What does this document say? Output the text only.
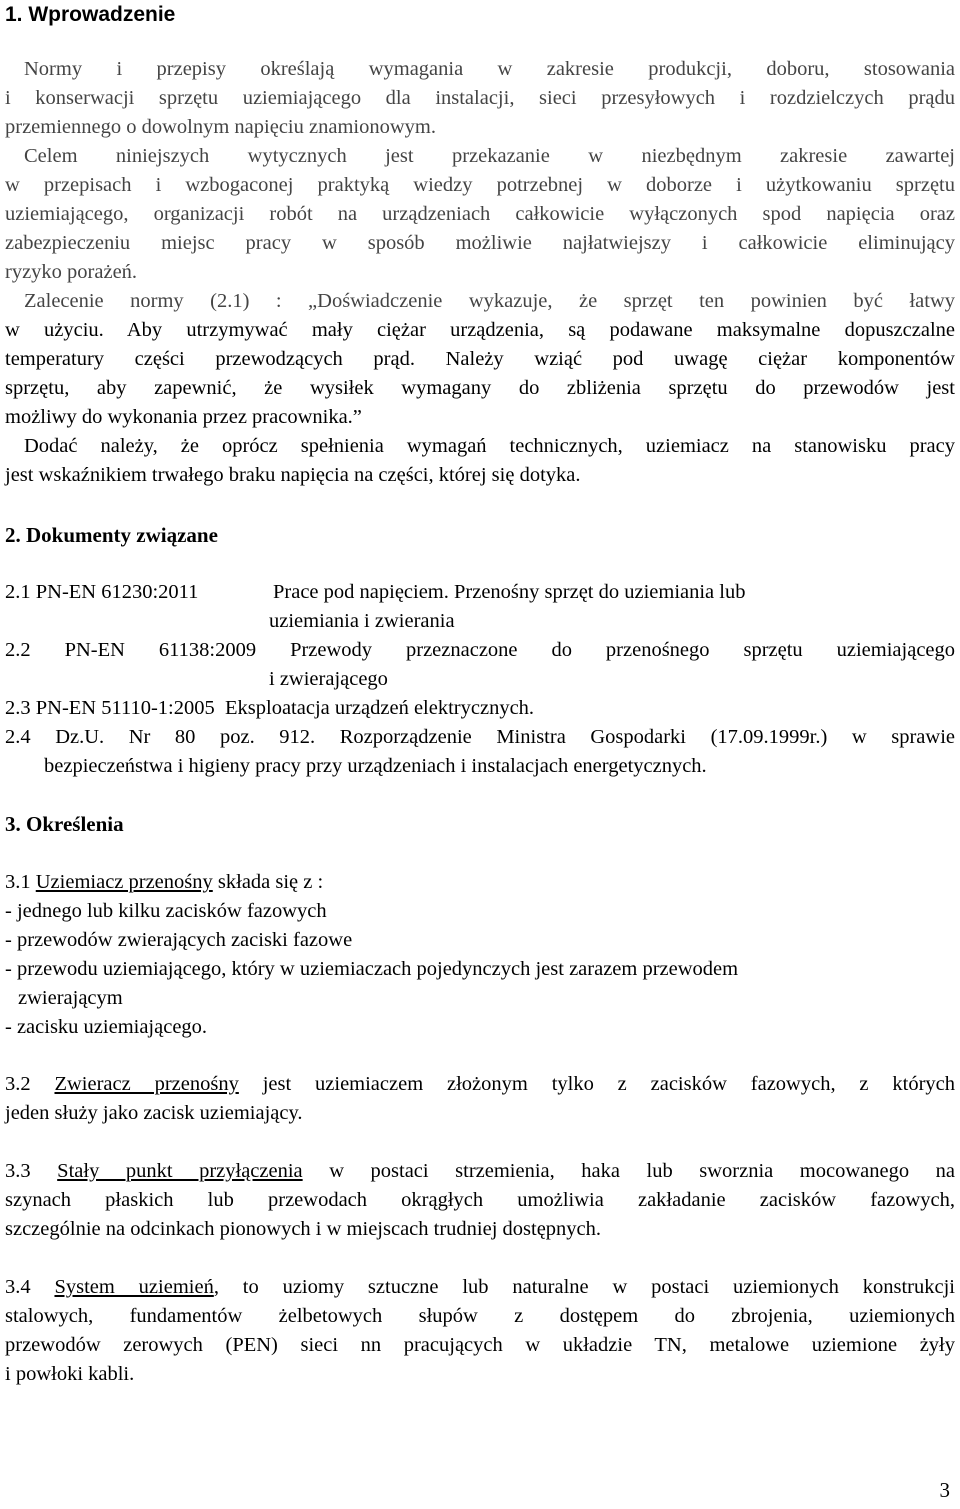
1. Wprowadzenie
Normy i przepisy określają wymagania w zakresie produkcji, doboru, stosowania
i konserwacji sprzętu uziemiającego dla instalacji, sieci przesyłowych i rozdzielczych prądu
przemiennego o dowolnym napięciu znamionowym.
Celem niniejszych wytycznych jest przekazanie w niezbędnym zakresie zawartej
w przepisach i wzbogaconej praktyką wiedzy potrzebnej w doborze i użytkowaniu sprzętu
uziemiającego, organizacji robót na urządzeniach całkowicie wyłączonych spod napięcia oraz
zabezpieczeniu miejsc pracy w sposób możliwie najłatwiejszy i całkowicie eliminujący
ryzyko porażeń.
Zalecenie normy (2.1) : „Doświadczenie wykazuje, że sprzęt ten powinien być łatwy
w użyciu. Aby utrzymywać mały ciężar urządzenia, są podawane maksymalne dopuszczalne
temperatury części przewodzących prąd. Należy wziąć pod uwagę ciężar komponentów
sprzętu, aby zapewnić, że wysiłek wymagany do zbliżenia sprzętu do przewodów jest
możliwy do wykonania przez pracownika.”
Dodać należy, że oprócz spełnienia wymagań technicznych, uziemiacz na stanowisku pracy
jest wskaźnikiem trwałego braku napięcia na części, której się dotyka.
2. Dokumenty związane
2.1 PN-EN 61230:2011	Prace pod napięciem. Przenośny sprzęt do uziemiania lub
uziemiania i zwierania
2.2 PN-EN 61138:2009 Przewody przeznaczone do przenośnego sprzętu uziemiającego
i zwierającego
2.3 PN-EN 51110-1:2005 Eksploatacja urządzeń elektrycznych.
2.4 Dz.U. Nr 80 poz. 912. Rozporządzenie Ministra Gospodarki (17.09.1999r.) w sprawie
bezpieczeństwa i higieny pracy przy urządzeniach i instalacjach energetycznych.
3. Określenia
3.1 Uziemiacz przenośny składa się z :
- jednego lub kilku zacisków fazowych
- przewodów zwierających zaciski fazowe
- przewodu uziemiającego, który w uziemiaczach pojedynczych jest zarazem przewodem
zwierającym
- zacisku uziemiającego.
3.2 Zwieracz przenośny jest uziemiaczem złożonym tylko z zacisków fazowych, z których
jeden służy jako zacisk uziemiający.
3.3 Stały punkt przyłączenia w postaci strzemienia, haka lub sworznia mocowanego na
szynach płaskich lub przewodach okrągłych umożliwia zakładanie zacisków fazowych,
szczególnie na odcinkach pionowych i w miejscach trudniej dostępnych.
3.4 System uziemień, to uziomy sztuczne lub naturalne w postaci uziemionych konstrukcji
stalowych, fundamentów żelbetowych słupów z dostępem do zbrojenia, uziemionych
przewodów zerowych (PEN) sieci nn pracujących w układzie TN, metalowe uziemione żyły
i powłoki kabli.
3
